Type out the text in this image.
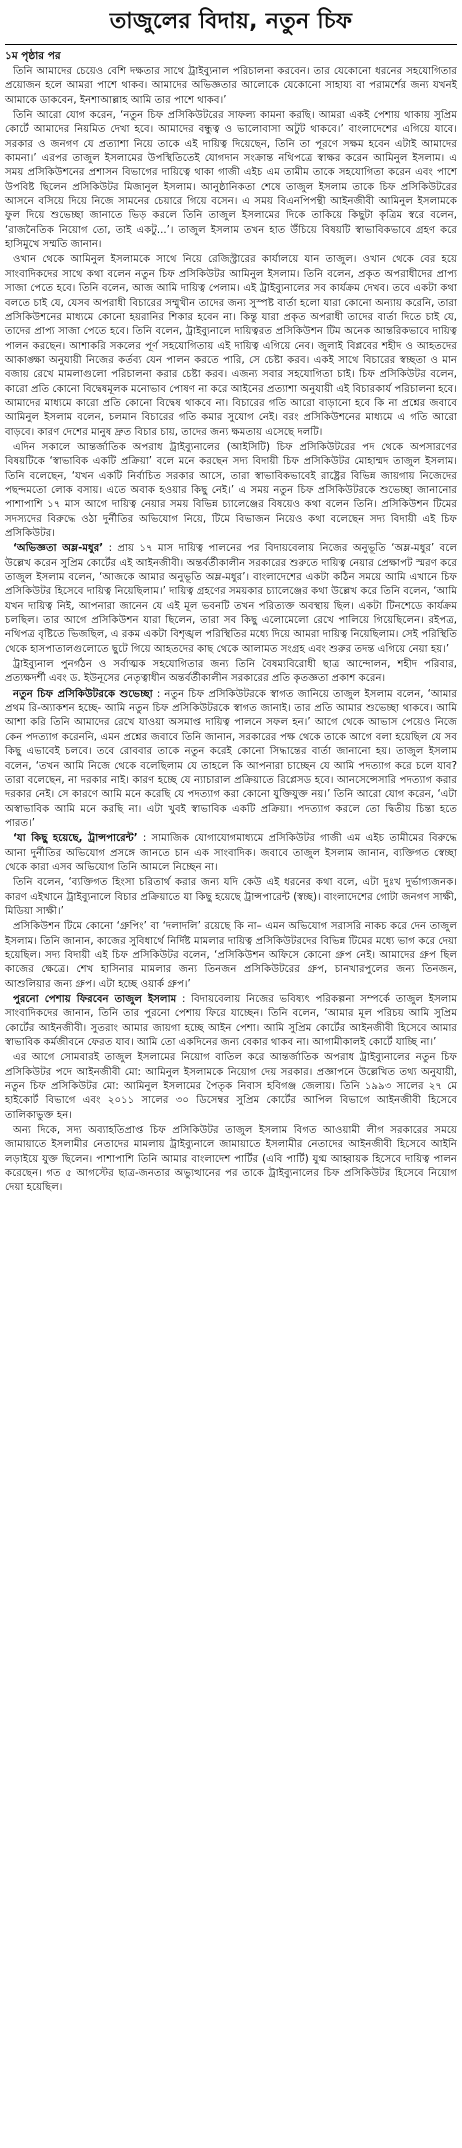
তাজুলের বিদায়, নতুন চিফ
১ম পৃষ্ঠার পর

তিনি আমাদের চেয়েও বেশি দক্ষতার সাথে ট্রাইব্যুনাল পরিচালনা করবেন। তার যেকোনো ধরনের সহযোগিতার প্রয়োজন হলে আমরা পাশে থাকব। আমাদের অভিজ্ঞতার আলোকে যেকোনো সাহায্য বা পরামর্শের জন্য যখনই আমাকে ডাকবেন, ইনশাআল্লাহ আমি তার পাশে থাকব।’

তিনি আরো যোগ করেন, ‘নতুন চিফ প্রসিকিউটরের সাফল্য কামনা করছি। আমরা একই পেশায় থাকায় সুপ্রিম কোর্টে আমাদের নিয়মিত দেখা হবে। আমাদের বন্ধুত্ব ও ভালোবাসা অটুট থাকবে।’ বাংলাদেশের এগিয়ে যাবে। সরকার ও জনগণ যে প্রত্যাশা নিয়ে তাকে এই দায়িত্ব দিয়েছেন, তিনি তা পূরণে সক্ষম হবেন এটাই আমাদের কামনা।’ এরপর তাজুল ইসলামের উপস্থিতিতেই যোগদান সংক্রান্ত নথিপত্রে স্বাক্ষর করেন আমিনুল ইসলাম। এ সময় প্রসিকিউশনের প্রশাসন বিভাগের দায়িত্বে থাকা গাজী এইচ এম তামীম তাকে সহযোগিতা করেন এবং পাশে উপবিষ্ট ছিলেন প্রসিকিউটর মিজানুল ইসলাম। আনুষ্ঠানিকতা শেষে তাজুল ইসলাম তাকে চিফ প্রসিকিউটরের আসনে বসিয়ে দিয়ে নিজে সামনের চেয়ারে গিয়ে বসেন। এ সময় বিএনপিপন্থী আইনজীবী আমিনুল ইসলামকে ফুল দিয়ে শুভেচ্ছা জানাতে ভিড় করলে তিনি তাজুল ইসলামের দিকে তাকিয়ে কিছুটা কৃত্রিম স্বরে বলেন, ‘রাজনৈতিক নিয়োগ তো, তাই একটু...’। তাজুল ইসলাম তখন হাত উঁচিয়ে বিষয়টি স্বাভাবিকভাবে গ্রহণ করে হাসিমুখে সম্মতি জানান।

ওখান থেকে আমিনুল ইসলামকে সাথে নিয়ে রেজিস্ট্রারের কার্যালয়ে যান তাজুল। ওখান থেকে বের হয়ে সাংবাদিকদের সাথে কথা বলেন নতুন চিফ প্রসিকিউটর আমিনুল ইসলাম। তিনি বলেন, প্রকৃত অপরাধীদের প্রাপ্য সাজা পেতে হবে। তিনি বলেন, আজ আমি দায়িত্ব পেলাম। এই ট্রাইব্যুনালের সব কার্যক্রম দেখব। তবে একটা কথা বলতে চাই যে, যেসব অপরাধী বিচারের সম্মুখীন তাদের জন্য সুস্পষ্ট বার্তা হলো যারা কোনো অন্যায় করেনি, তারা প্রসিকিউশনের মাধ্যমে কোনো হয়রানির শিকার হবেন না। কিন্তু যারা প্রকৃত অপরাধী তাদের বার্তা দিতে চাই যে, তাদের প্রাপ্য সাজা পেতে হবে। তিনি বলেন, ট্রাইব্যুনালে দায়িত্বরত প্রসিকিউশন টিম অনেক আন্তরিকভাবে দায়িত্ব পালন করছেন। আশাকরি সকলের পূর্ণ সহযোগিতায় এই দায়িত্ব এগিয়ে নেব। জুলাই বিপ্লবের শহীদ ও আহতদের আকাঙ্ক্ষা অনুযায়ী নিজের কর্তব্য যেন পালন করতে পারি, সে চেষ্টা করব। একই সাথে বিচারের স্বচ্ছতা ও মান বজায় রেখে মামলাগুলো পরিচালনা করার চেষ্টা করব। এজন্য সবার সহযোগিতা চাই। চিফ প্রসিকিউটর বলেন, কারো প্রতি কোনো বিদ্বেষমূলক মনোভাব পোষণ না করে আইনের প্রত্যাশা অনুযায়ী এই বিচারকার্য পরিচালনা হবে। আমাদের মাধ্যমে কারো প্রতি কোনো বিদ্বেষ থাকবে না। বিচারের গতি আরো বাড়ানো হবে কি না প্রশ্নের জবাবে আমিনুল ইসলাম বলেন, চলমান বিচারের গতি কমার সুযোগ নেই। বরং প্রসিকিউশনের মাধ্যমে এ গতি আরো বাড়বে। কারণ দেশের মানুষ দ্রুত বিচার চায়, তাদের জন্য ক্ষমতায় এসেছে দলটি।

এদিন সকালে আন্তর্জাতিক অপরাধ ট্রাইব্যুনালের (আইসিটি) চিফ প্রসিকিউটরের পদ থেকে অপসারণের বিষয়টিকে ‘স্বাভাবিক একটি প্রক্রিয়া’ বলে মনে করছেন সদ্য বিদায়ী চিফ প্রসিকিউটর মোহাম্মদ তাজুল ইসলাম। তিনি বলেছেন, ‘যখন একটি নির্বাচিত সরকার আসে, তারা স্বাভাবিকভাবেই রাষ্ট্রের বিভিন্ন জায়গায় নিজেদের পছন্দমতো লোক বসায়। এতে অবাক হওয়ার কিছু নেই।’ এ সময় নতুন চিফ প্রসিকিউটরকে শুভেচ্ছা জানানোর পাশাপাশি ১৭ মাস আগে দায়িত্ব নেয়ার সময় বিভিন্ন চ্যালেঞ্জের বিষয়েও কথা বলেন তিনি। প্রসিকিউশন টিমের সদস্যদের বিরুদ্ধে ওঠা দুর্নীতির অভিযোগ নিয়ে, টিমে বিভাজন নিয়েও কথা বলেছেন সদ্য বিদায়ী এই চিফ প্রসিকিউটর।

‘অভিজ্ঞতা অম্ল-মধুর’ : প্রায় ১৭ মাস দায়িত্ব পালনের পর বিদায়বেলায় নিজের অনুভূতি ‘অম্ল-মধুর’ বলে উল্লেখ করেন সুপ্রিম কোর্টের এই আইনজীবী। অন্তর্বর্তীকালীন সরকারের শুরুতে দায়িত্ব নেয়ার প্রেক্ষাপট স্মরণ করে তাজুল ইসলাম বলেন, ‘আজকে আমার অনুভূতি অম্ল-মধুর’। বাংলাদেশের একটা কঠিন সময়ে আমি এখানে চিফ প্রসিকিউটর হিসেবে দায়িত্ব নিয়েছিলাম।’ দায়িত্ব গ্রহণের সময়কার চ্যালেঞ্জের কথা উল্লেখ করে তিনি বলেন, ‘আমি যখন দায়িত্ব নিই, আপনারা জানেন যে এই মূল ভবনটি তখন পরিত্যক্ত অবস্থায় ছিল। একটা টিনশেডে কার্যক্রম চলছিল। তার আগে প্রসিকিউশন যারা ছিলেন, তারা সব কিছু এলোমেলো রেখে পালিয়ে গিয়েছিলেন। রইপত্র, নথিপত্র বৃষ্টিতে ভিজছিল, এ রকম একটা বিশৃঙ্খল পরিস্থিতির মধ্যে দিয়ে আমরা দায়িত্ব নিয়েছিলাম। সেই পরিস্থিতি থেকে হাসপাতালগুলোতে ছুটে গিয়ে আহতদের কাছ থেকে আলামত সংগ্রহ এবং শুরুর তদন্ত এগিয়ে নেয়া হয়।’

ট্রাইব্যুনাল পুনর্গঠন ও সর্বাত্মক সহযোগিতার জন্য তিনি বৈষম্যবিরোধী ছাত্র আন্দোলন, শহীদ পরিবার, প্রত্যক্ষদর্শী এবং ড. ইউনূসের নেতৃত্বাধীন অন্তর্বর্তীকালীন সরকারের প্রতি কৃতজ্ঞতা প্রকাশ করেন।

নতুন চিফ প্রসিকিউটরকে শুভেচ্ছা : নতুন চিফ প্রসিকিউটরকে স্বাগত জানিয়ে তাজুল ইসলাম বলেন, ‘আমার প্রথম রি-অ্যাকশন হচ্ছে- আমি নতুন চিফ প্রসিকিউটরকে স্বাগত জানাই। তার প্রতি আমার শুভেচ্ছা থাকবে। আমি আশা করি তিনি আমাদের রেখে যাওয়া অসমাপ্ত দায়িত্ব পালনে সফল হন।’ আগে থেকে আভাস পেয়েও নিজে কেন পদত্যাগ করেননি, এমন প্রশ্নের জবাবে তিনি জানান, সরকারের পক্ষ থেকে তাকে আগে বলা হয়েছিল যে সব কিছু এভাবেই চলবে। তবে রোববার তাকে নতুন করেই কোনো সিদ্ধান্তের বার্তা জানানো হয়। তাজুল ইসলাম বলেন, ‘তখন আমি নিজে থেকে বলেছিলাম যে তাহলে কি আপনারা চাচ্ছেন যে আমি পদত্যাগ করে চলে যাব? তারা বলেছেন, না দরকার নাই। কারণ হচ্ছে যে ন্যাচারাল প্রক্রিয়াতে রিপ্লেসড হবে। আনসেন্সেসারি পদত্যাগ করার দরকার নেই। সে কারণে আমি মনে করেছি যে পদত্যাগ করা কোনো যুক্তিযুক্ত নয়।’ তিনি আরো যোগ করেন, ‘এটা অস্বাভাবিক আমি মনে করছি না। এটা খুবই স্বাভাবিক একটি প্রক্রিয়া। পদত্যাগ করলে তো দ্বিতীয় চিন্তা হতে পারত।’

‘যা কিছু হয়েছে, ট্রান্সপারেন্ট’ : সামাজিক যোগাযোগমাধ্যমে প্রসিকিউটর গাজী এম এইচ তামীমের বিরুদ্ধে আনা দুর্নীতির অভিযোগ প্রসঙ্গে জানতে চান এক সাংবাদিক। জবাবে তাজুল ইসলাম জানান, ব্যক্তিগত স্বেচ্ছা থেকে কারা এসব অভিযোগ তিনি আমলে নিচ্ছেন না।

তিনি বলেন, ‘ব্যক্তিগত হিংসা চরিতার্থ করার জন্য যদি কেউ এই ধরনের কথা বলে, এটা দুঃখ দুর্ভাগ্যজনক। কারণ এইখানে ট্রাইব্যুনালে বিচার প্রক্রিয়াতে যা কিছু হয়েছে ট্রান্সপারেন্ট (স্বচ্ছ)। বাংলাদেশের গোটা জনগণ সাক্ষী, মিডিয়া সাক্ষী।’

প্রসিকিউশন টিমে কোনো ‘গ্রুপিং’ বা ‘দলাদলি’ রয়েছে কি না– এমন অভিযোগ সরাসরি নাকচ করে দেন তাজুল ইসলাম। তিনি জানান, কাজের সুবিধার্থে নির্দিষ্ট মামলার দায়িত্ব প্রসিকিউটরদের বিভিন্ন টিমের মধ্যে ভাগ করে দেয়া হয়েছিল। সদ্য বিদায়ী এই চিফ প্রসিকিউটর বলেন, ‘প্রসিকিউশন অফিসে কোনো গ্রুপ নেই। আমাদের গ্রুপ ছিল কাজের ক্ষেত্রে। শেখ হাসিনার মামলার জন্য তিনজন প্রসিকিউটরের গ্রুপ, চানখারপুলের জন্য তিনজন, আশুলিয়ার জন্য গ্রুপ। এটা হচ্ছে ওয়ার্ক গ্রুপ।’

পুরনো পেশায় ফিরবেন তাজুল ইসলাম : বিদায়বেলায় নিজের ভবিষ্যৎ পরিকল্পনা সম্পর্কে তাজুল ইসলাম সাংবাদিকদের জানান, তিনি তার পুরনো পেশায় ফিরে যাচ্ছেন। তিনি বলেন, ‘আমার মূল পরিচয় আমি সুপ্রিম কোর্টের আইনজীবী। সুতরাং আমার জায়গা হচ্ছে আইন পেশা। আমি সুপ্রিম কোর্টের আইনজীবী হিসেবে আমার স্বাভাবিক কর্মজীবনে ফেরত যাব। আমি তো একদিনের জন্য বেকার থাকব না। আগামীকালই কোর্টে যাচ্ছি না।’

এর আগে সোমবারই তাজুল ইসলামের নিয়োগ বাতিল করে আন্তর্জাতিক অপরাধ ট্রাইব্যুনালের নতুন চিফ প্রসিকিউটর পদে আইনজীবী মো: আমিনুল ইসলামকে নিয়োগ দেয় সরকার। প্রজ্ঞাপনে উল্লেখিত তথ্য অনুযায়ী, নতুন চিফ প্রসিকিউটর মো: আমিনুল ইসলামের পৈতৃক নিবাস হবিগঞ্জ জেলায়। তিনি ১৯৯৩ সালের ২৭ মে হাইকোর্ট বিভাগে এবং ২০১১ সালের ৩০ ডিসেম্বর সুপ্রিম কোর্টের আপিল বিভাগে আইনজীবী হিসেবে তালিকাভুক্ত হন।

অন্য দিকে, সদ্য অব্যাহতিপ্রাপ্ত চিফ প্রসিকিউটর তাজুল ইসলাম বিগত আওয়ামী লীগ সরকারের সময়ে জামায়াতে ইসলামীর নেতাদের মামলায় ট্রাইব্যুনালে জামায়াতে ইসলামীর নেতাদের আইনজীবী হিসেবে আইনি লড়াইয়ে যুক্ত ছিলেন। পাশাপাশি তিনি আমার বাংলাদেশ পার্টির (এবি পার্টি) যুগ্ম আহ্বায়ক হিসেবে দায়িত্ব পালন করেছেন। গত ৫ আগস্টের ছাত্র-জনতার অভ্যুত্থানের পর তাকে ট্রাইব্যুনালের চিফ প্রসিকিউটর হিসেবে নিয়োগ দেয়া হয়েছিল।
